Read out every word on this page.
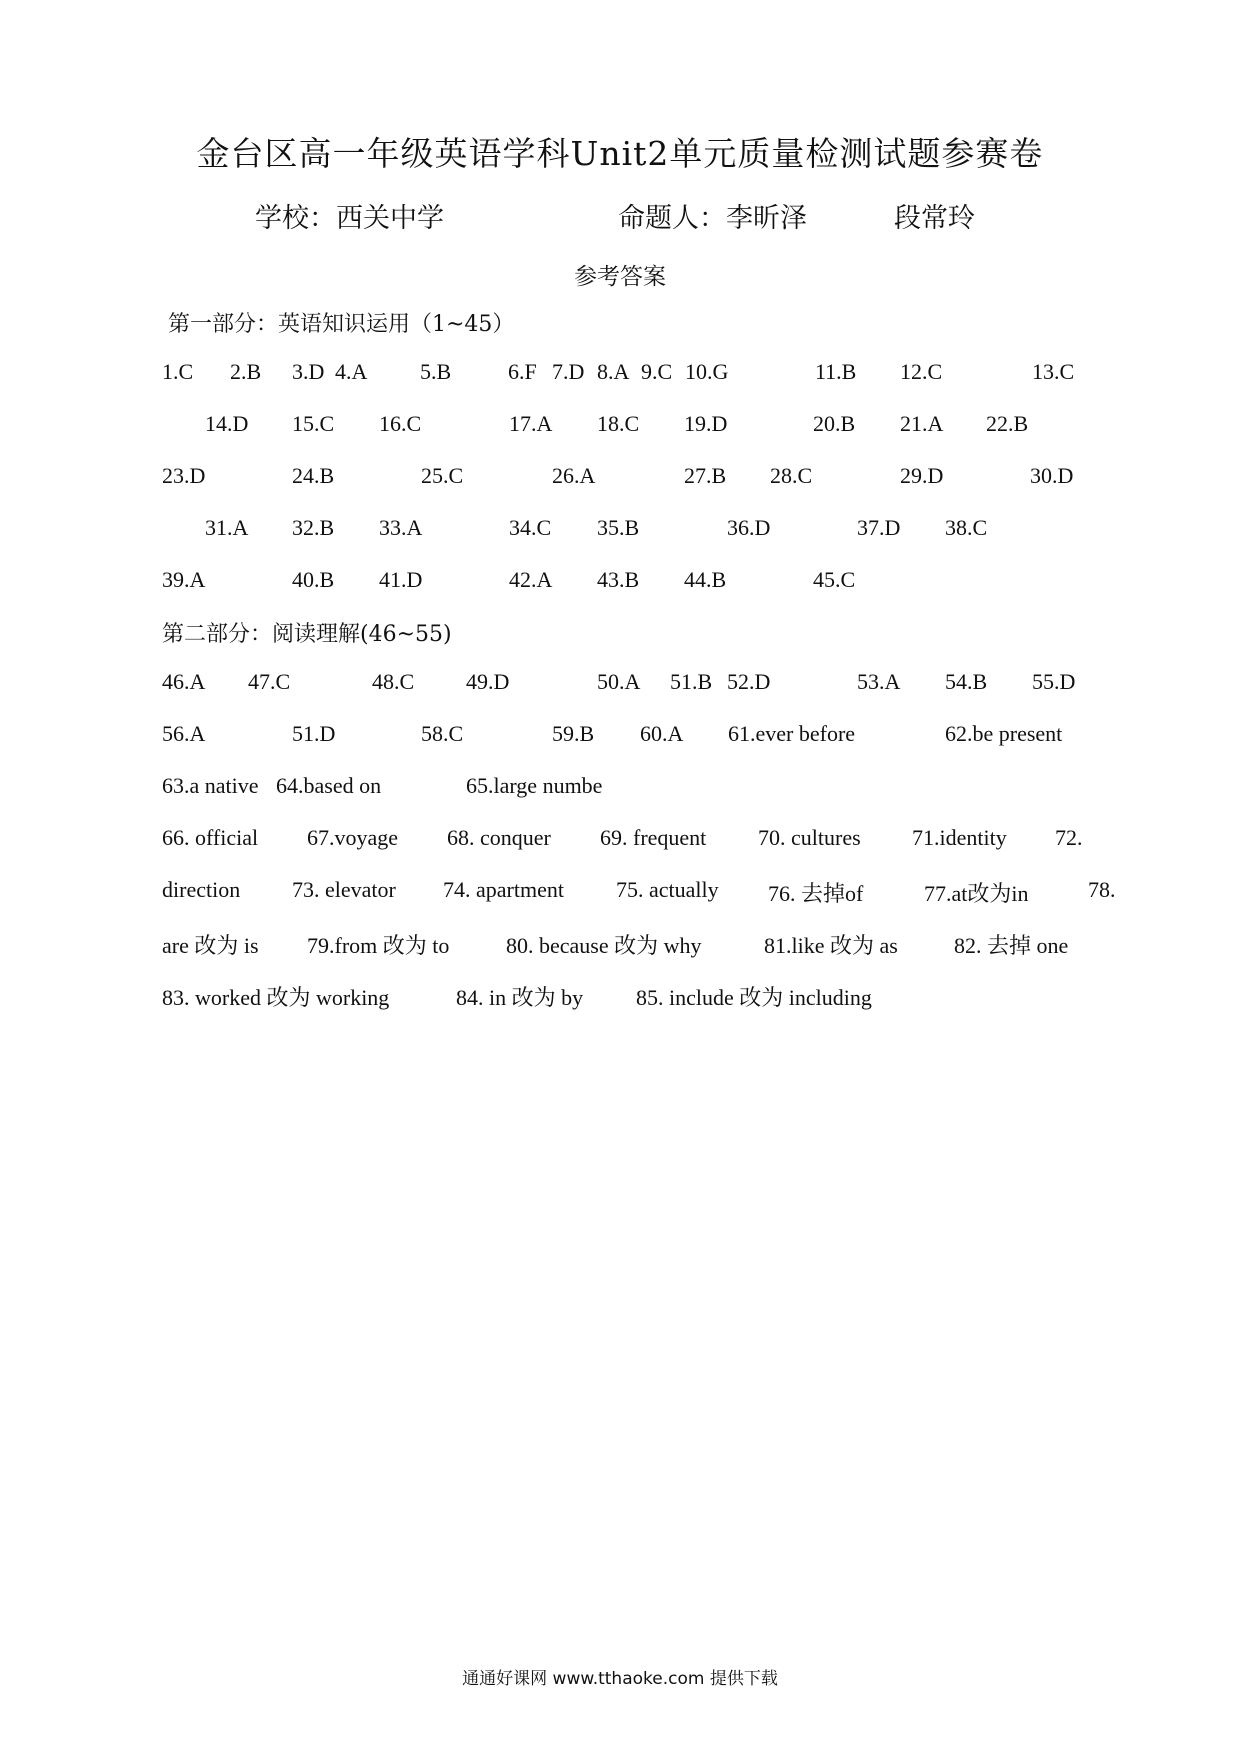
金台区高一年级英语学科Unit2单元质量检测试题参赛卷
学校：西关中学	命题人：李昕泽	段常玲
参考答案
第一部分：英语知识运用（1~45）
1.C 2.B 3.D 4.A 5.B	6.F 7.D 8.A 9.C 10.G	11.B 12.C	13.C
14.D 15.C 16.C	17.A 18.C 19.D	20.B 21.A 22.B
23.D	24.B	25.C	26.A	27.B 28.C	29.D	30.D
31.A 32.B 33.A	34.C 35.B	36.D	37.D 38.C
39.A	40.B 41.D	42.A 43.B 44.B	45.C
46.A 47.C	48.C 49.D	50.A 51.B 52.D	53.A 54.B 55.D
56.A	51.D	58.C	59.B 60.A 61.ever before	62.be present
63.a native 64.based on	65.large numbe
66. official 67.voyage 68. conquer 69. frequent 70. cultures 71.identity 72.
direction 73. elevator 74. apartment 75. actually 76. 去掉of	77.at改为in	78.
are 改为 is 79.from 改为 to	80. because 改为 why	81.like 改为 as	82. 去掉 one
83. worked 改为 working	84. in 改为 by 85. include 改为 including
第二部分：阅读理解(46~55)
通通好课网 www.tthaoke.com 提供下载
